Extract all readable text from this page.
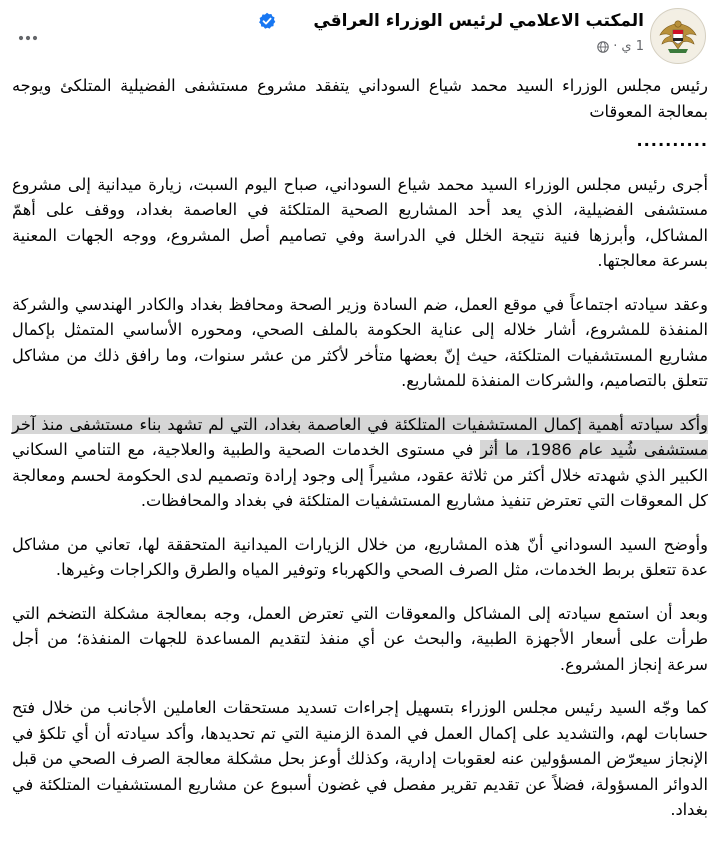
المكتب الاعلامي لرئيس الوزراء العراقي
1 ي
·

رئيس مجلس الوزراء السيد محمد شياع السوداني يتفقد مشروع مستشفى الفضيلية المتلكئ ويوجه بمعالجة المعوقات

..........

أجرى رئيس مجلس الوزراء السيد محمد شياع السوداني، صباح اليوم السبت، زيارة ميدانية إلى مشروع مستشفى الفضيلية، الذي يعد أحد المشاريع الصحية المتلكئة في العاصمة بغداد، ووقف على أهمّ المشاكل، وأبرزها فنية نتيجة الخلل في الدراسة وفي تصاميم أصل المشروع، ووجه الجهات المعنية بسرعة معالجتها.

وعقد سيادته اجتماعاً في موقع العمل، ضم السادة وزير الصحة ومحافظ بغداد والكادر الهندسي والشركة المنفذة للمشروع، أشار خلاله إلى عناية الحكومة بالملف الصحي، ومحوره الأساسي المتمثل بإكمال مشاريع المستشفيات المتلكئة، حيث إنّ بعضها متأخر لأكثر من عشر سنوات، وما رافق ذلك من مشاكل تتعلق بالتصاميم، والشركات المنفذة للمشاريع.

وأكد سيادته أهمية إكمال المستشفيات المتلكئة في العاصمة بغداد، التي لم تشهد بناء مستشفى منذ آخر مستشفى شُيد عام 1986، ما أثر في مستوى الخدمات الصحية والطبية والعلاجية، مع التنامي السكاني الكبير الذي شهدته خلال أكثر من ثلاثة عقود، مشيراً إلى وجود إرادة وتصميم لدى الحكومة لحسم ومعالجة كل المعوقات التي تعترض تنفيذ مشاريع المستشفيات المتلكئة في بغداد والمحافظات.

وأوضح السيد السوداني أنّ هذه المشاريع، من خلال الزيارات الميدانية المتحققة لها، تعاني من مشاكل عدة تتعلق بربط الخدمات، مثل الصرف الصحي والكهرباء وتوفير المياه والطرق والكراجات وغيرها.

وبعد أن استمع سيادته إلى المشاكل والمعوقات التي تعترض العمل، وجه بمعالجة مشكلة التضخم التي طرأت على أسعار الأجهزة الطبية، والبحث عن أي منفذ لتقديم المساعدة للجهات المنفذة؛ من أجل سرعة إنجاز المشروع.

كما وجّه السيد رئيس مجلس الوزراء بتسهيل إجراءات تسديد مستحقات العاملين الأجانب من خلال فتح حسابات لهم، والتشديد على إكمال العمل في المدة الزمنية التي تم تحديدها، وأكد سيادته أن أي تلكؤ في الإنجاز سيعرّض المسؤولين عنه لعقوبات إدارية، وكذلك أوعز بحل مشكلة معالجة الصرف الصحي من قبل الدوائر المسؤولة، فضلاً عن تقديم تقرير مفصل في غضون أسبوع عن مشاريع المستشفيات المتلكئة في بغداد.
